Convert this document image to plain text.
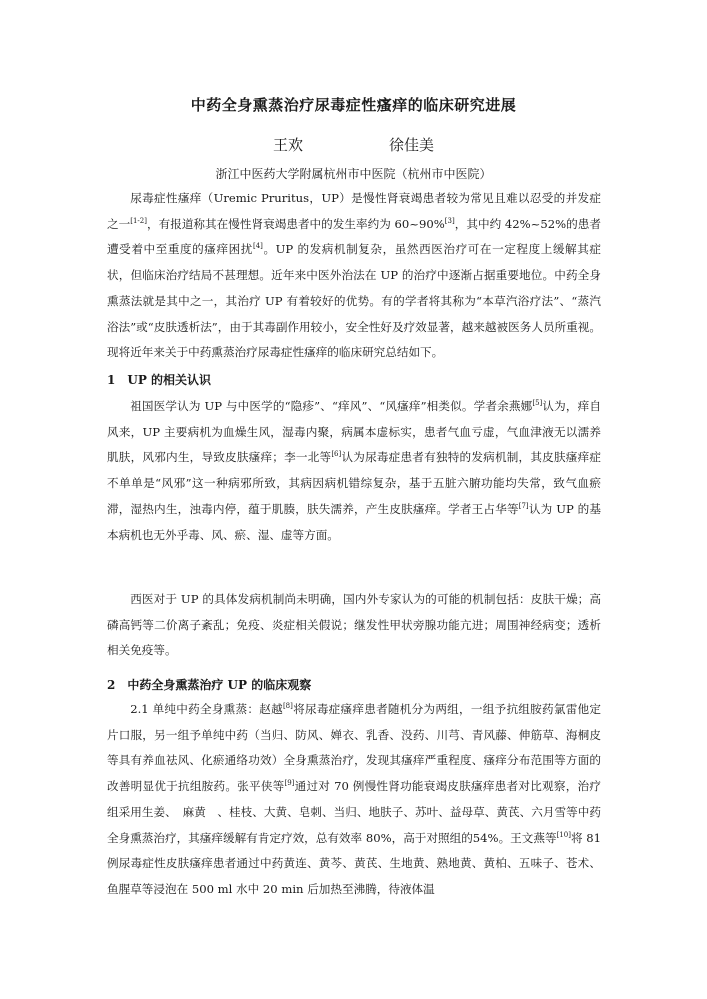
中药全身熏蒸治疗尿毒症性瘙痒的临床研究进展
王欢	徐佳美
浙江中医药大学附属杭州市中医院（杭州市中医院）

尿毒症性瘙痒（Uremic Pruritus，UP）是慢性肾衰竭患者较为常见且难以忍受的并发症之一[1-2]，有报道称其在慢性肾衰竭患者中的发生率约为 60~90%[3]，其中约 42%~52%的患者遭受着中至重度的瘙痒困扰[4]。UP 的发病机制复杂，虽然西医治疗可在一定程度上缓解其症状，但临床治疗结局不甚理想。近年来中医外治法在 UP 的治疗中逐渐占据重要地位。中药全身熏蒸法就是其中之一，其治疗 UP 有着较好的优势。有的学者将其称为“本草汽浴疗法”、“蒸汽浴法”或“皮肤透析法”，由于其毒副作用较小，安全性好及疗效显著，越来越被医务人员所重视。现将近年来关于中药熏蒸治疗尿毒症性瘙痒的临床研究总结如下。

1　UP 的相关认识

祖国医学认为 UP 与中医学的“隐疹”、“痒风”、“风瘙痒”相类似。学者余燕娜[5]认为，痒自风来，UP 主要病机为血燥生风，湿毒内聚，病属本虚标实，患者气血亏虚，气血津液无以濡养肌肤，风邪内生，导致皮肤瘙痒；李一北等[6]认为尿毒症患者有独特的发病机制，其皮肤瘙痒症不单单是“风邪”这一种病邪所致，其病因病机错综复杂，基于五脏六腑功能均失常，致气血瘀滞，湿热内生，浊毒内停，蕴于肌腠，肤失濡养，产生皮肤瘙痒。学者王占华等[7]认为 UP 的基本病机也无外乎毒、风、瘀、湿、虚等方面。

西医对于 UP 的具体发病机制尚未明确，国内外专家认为的可能的机制包括：皮肤干燥；高磷高钙等二价离子紊乱；免疫、炎症相关假说；继发性甲状旁腺功能亢进；周围神经病变；透析相关免疫等。

2　中药全身熏蒸治疗 UP 的临床观察

2.1 单纯中药全身熏蒸：赵越[8]将尿毒症瘙痒患者随机分为两组，一组予抗组胺药氯雷他定片口服，另一组予单纯中药（当归、防风、婵衣、乳香、没药、川芎、青风藤、伸筋草、海桐皮等具有养血祛风、化瘀通络功效）全身熏蒸治疗，发现其瘙痒严重程度、瘙痒分布范围等方面的改善明显优于抗组胺药。张平侠等[9]通过对 70 例慢性肾功能衰竭皮肤瘙痒患者对比观察，治疗组采用生姜、　麻黄　、桂枝、大黄、皂刺、当归、地肤子、苏叶、益母草、黄芪、六月雪等中药全身熏蒸治疗，其瘙痒缓解有肯定疗效，总有效率 80%，高于对照组的54%。王文燕等[10]将 81 例尿毒症性皮肤瘙痒患者通过中药黄连、黄芩、黄芪、生地黄、熟地黄、黄柏、五味子、苍术、鱼腥草等浸泡在 500 ml 水中 20 min 后加热至沸腾，待液体温
